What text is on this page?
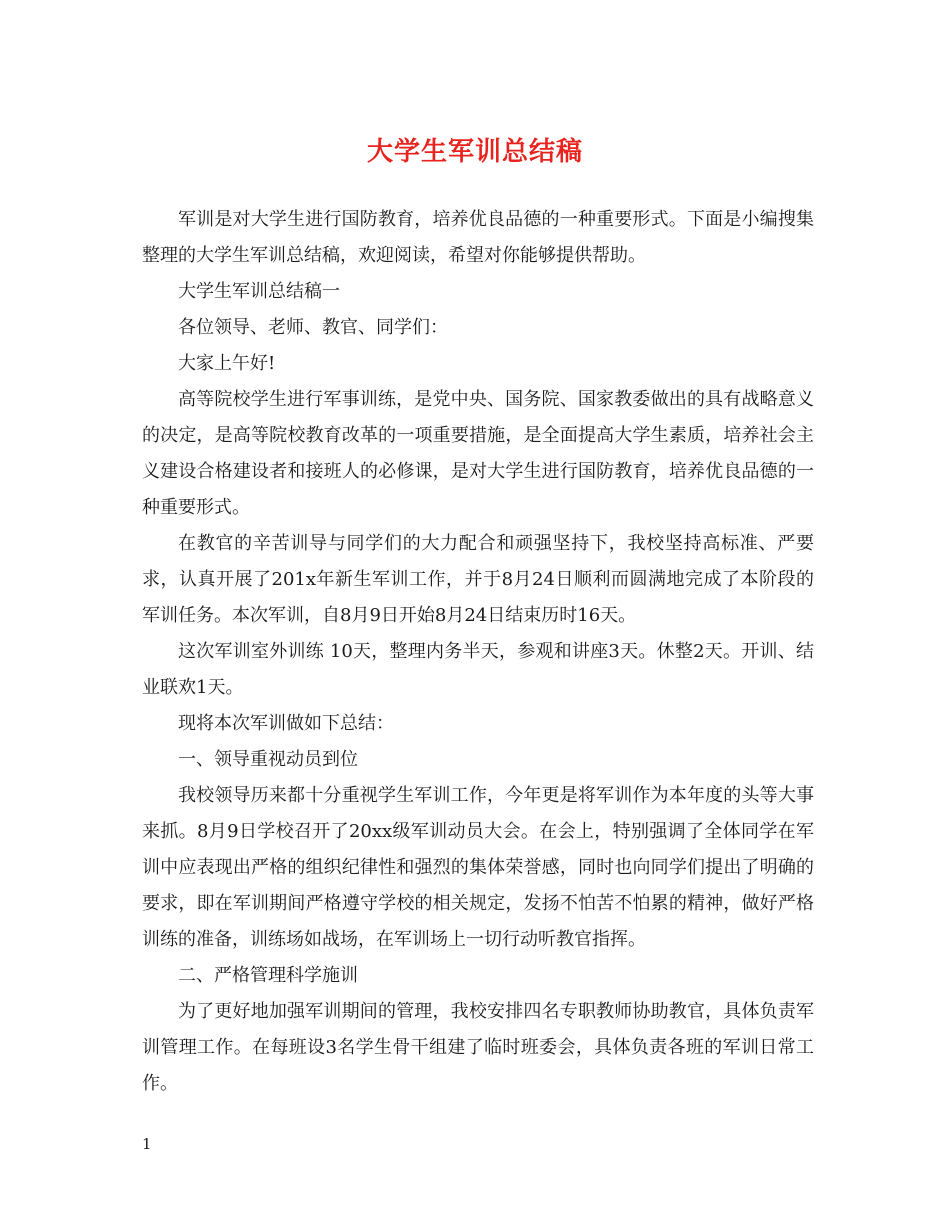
大学生军训总结稿

军训是对大学生进行国防教育，培养优良品德的一种重要形式。下面是小编搜集整理的大学生军训总结稿，欢迎阅读，希望对你能够提供帮助。

大学生军训总结稿一

各位领导、老师、教官、同学们：

大家上午好!

高等院校学生进行军事训练，是党中央、国务院、国家教委做出的具有战略意义的决定，是高等院校教育改革的一项重要措施，是全面提高大学生素质，培养社会主义建设合格建设者和接班人的必修课，是对大学生进行国防教育，培养优良品德的一种重要形式。

在教官的辛苦训导与同学们的大力配合和顽强坚持下，我校坚持高标准、严要求，认真开展了201x年新生军训工作，并于8月24日顺利而圆满地完成了本阶段的军训任务。本次军训，自8月9日开始8月24日结束历时16天。

这次军训室外训练 10天，整理内务半天，参观和讲座3天。休整2天。开训、结业联欢1天。

现将本次军训做如下总结：

一、领导重视动员到位

我校领导历来都十分重视学生军训工作，今年更是将军训作为本年度的头等大事来抓。8月9日学校召开了20xx级军训动员大会。在会上，特别强调了全体同学在军训中应表现出严格的组织纪律性和强烈的集体荣誉感，同时也向同学们提出了明确的要求，即在军训期间严格遵守学校的相关规定，发扬不怕苦不怕累的精神，做好严格训练的准备，训练场如战场，在军训场上一切行动听教官指挥。

二、严格管理科学施训

为了更好地加强军训期间的管理，我校安排四名专职教师协助教官，具体负责军训管理工作。在每班设3名学生骨干组建了临时班委会，具体负责各班的军训日常工作。

1
